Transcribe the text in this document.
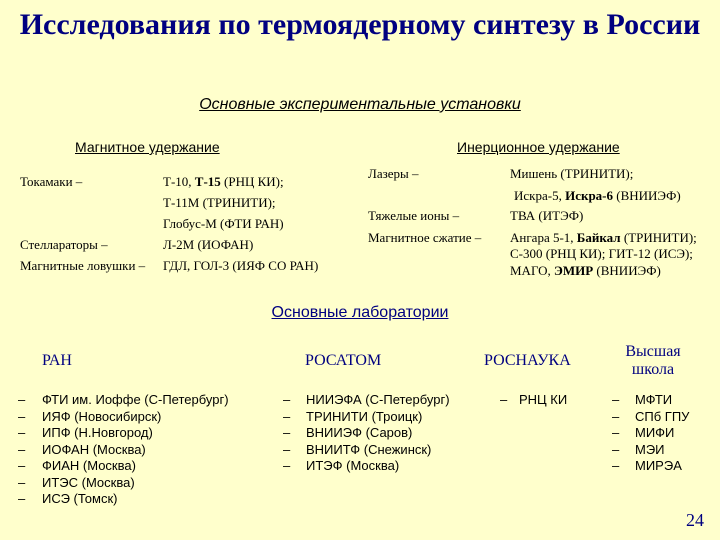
Исследования по термоядерному синтезу в России
Основные экспериментальные установки
Магнитное удержание
Токамаки –

Стеллараторы –
Магнитные ловушки –
Т-10, Т-15 (РНЦ КИ);
Т-11М (ТРИНИТИ);
Глобус-М (ФТИ РАН)
Л-2М (ИОФАН)
ГДЛ, ГОЛ-3 (ИЯФ СО РАН)
Инерционное удержание
Лазеры –
Тяжелые ионы –
Магнитное сжатие –
Мишень (ТРИНИТИ);
Искра-5, Искра-6 (ВНИИЭФ)
ТВА (ИТЭФ)
Ангара 5-1, Байкал (ТРИНИТИ);
С-300 (РНЦ КИ); ГИТ-12 (ИСЭ);
МАГО, ЭМИР (ВНИИЭФ)
Основные лаборатории
РАН
–
–
–
–
–
–
–
ФТИ им. Иоффе (С-Петербург)
ИЯФ (Новосибирск)
ИПФ (Н.Новгород)
ИОФАН (Москва)
ФИАН (Москва)
ИТЭС (Москва)
ИСЭ (Томск)
РОСАТОМ
–
–
–
–
–
НИИЭФА (С-Петербург)
ТРИНИТИ (Троицк)
ВНИИЭФ (Саров)
ВНИИТФ (Снежинск)
ИТЭФ (Москва)
РОСНАУКА
– РНЦ КИ
Высшая школа
–
–
–
–
–
МФТИ
СПб ГПУ
МИФИ
МЭИ
МИРЭА
24
